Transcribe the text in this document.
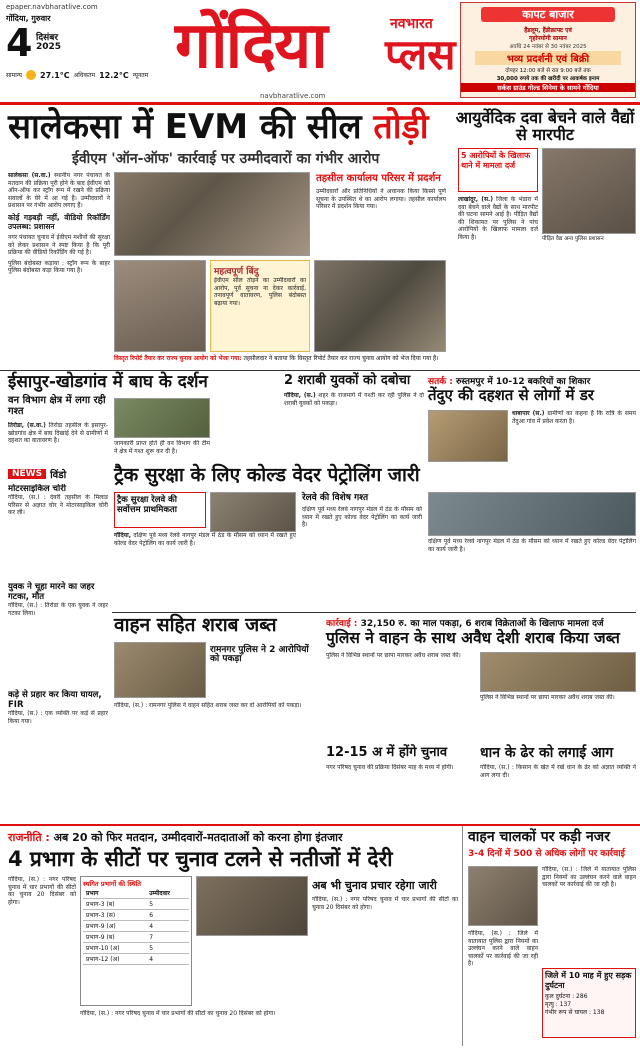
epaper.navbharatlive.com
गोंदिया, गुरुवार
4 दिसंबर
2025
सामान्य 27.1°C अधिकतम 12.2°C न्यूनतम गोंदिया	नवभारत
प्लस
navbharatlive.com
कापट बाजार
हैंडलूम, हैंडीक्राफ्ट एवं
गृहोपयोगी सामान
अवधि 24 नवंबर से 30 नवंबर 2025
भव्य प्रदर्शनी एवं बिक्री
दोपहर 12:00 बजे से रात 9:00 बजे तक
30,000 रुपये तक की खरीदी पर आकर्षक इनाम
सर्कस ग्राउंड गोल्ड सिनेमा के सामने गोंदिया
सालेकसा में EVM की सील तोड़ी
ईवीएम 'ऑन-ऑफ' कार्रवाई पर उम्मीदवारों का गंभीर आरोप
सालेकसा (स.वा.) स्थानीय नगर पंचायत के मतदान की प्रक्रिया पूरी होने के बाद ईवीएम को ऑन-ऑफ कर स्ट्रॉग रूम में रखने की प्रक्रिया सवालों के घेरे में आ गई है। उम्मीदवारों ने प्रशासन पर गंभीर आरोप लगाए हैं।
कोई गड़बड़ी नहीं, वीडियो रिकॉर्डिंग उपलब्ध: प्रशासन
नगर पंचायत चुनाव में ईवीएम मशीनों की सुरक्षा को लेकर प्रशासन ने स्पष्ट किया है कि पूरी प्रक्रिया की वीडियो रिकॉर्डिंग की गई है।
पुलिस बंदोबस्त कड़ाया : स्ट्रॉग रूम के बाहर पुलिस बंदोबस्त कड़ा किया गया है।
तहसील कार्यालय परिसर में प्रदर्शन
उम्मीदवारों और प्रतिनिधियों ने अचानक किया किस्से पूर्ण सूचना के उपस्थित थे का आरोप लगाया। तहसील कार्यालय परिसर में प्रदर्शन किया गया।
महत्वपूर्ण बिंदु
ईवीएम सील तोड़ने का उम्मीदवारों का आरोप, पूर्व सूचना ना देकर कार्रवाई, तनावपूर्ण वातावरण, पुलिस बंदोबस्त बढ़ाया गया।
विस्तृत रिपोर्ट तैयार कर राज्य चुनाव आयोग को भेजा गया: तहसीलदार ने बताया कि विस्तृत रिपोर्ट तैयार कर राज्य चुनाव आयोग को भेज दिया गया है।
आयुर्वेदिक दवा बेचने वाले वैद्यों से मारपीट
5 आरोपियों के खिलाफ थाने में मामला दर्ज
लाखांदूर, (स.) जिला के भंडारा में दवा बेचने वाले वैद्यों के साथ मारपीट की घटना सामने आई है। पीड़ित वैद्यों की शिकायत पर पुलिस ने पांच आरोपियों के खिलाफ मामला दर्ज किया है।	पीड़ित वैद्य अन्य पुलिस प्रशासन
ईसापुर-खोडगांव में बाघ के दर्शन
वन विभाग क्षेत्र में लगा रही गश्त
तिरोडा, (स.वा.) तिरोडा तहसील के इसापुर-खोडगांव क्षेत्र में बाघ दिखाई देने से ग्रामीणों में दहशत का वातावरण है।	जानकारी प्राप्त होते ही वन विभाग की टीम ने क्षेत्र में गश्त शुरू कर दी है।
2 शराबी युवकों को दबोचा
गोंदिया, (स.) शहर के राजमार्ग में गश्ती कर रही पुलिस ने दो शराबी युवकों को पकड़ा।
सतर्क : रुस्तमपुर में 10-12 बकरियों का शिकार
तेंदुए की दहशत से लोगों में डर
धाबापार (स.) ग्रामीणों का कहना है कि रात्रि के समय तेंदुआ गांव में प्रवेश करता है।
NEWS विंडो
मोटरसाइकिल चोरी
गोंदिया, (स.) : देवरी तहसील के मिलाड परिसर से अज्ञात चोर ने मोटरसाइकिल चोरी कर ली।
युवक ने चूहा मारने का जहर गटका, मौत
गोंदिया, (स.) : तिरोडा के एक युवक ने जहर गटका लिया।
कड़े से प्रहार कर किया घायल, FIR
गोंदिया, (स.) : एक व्यक्ति पर कड़े से प्रहार किया गया।
ट्रैक सुरक्षा के लिए कोल्ड वेदर पेट्रोलिंग जारी
ट्रैक सुरक्षा रेलवे की सर्वोत्तम प्राथमिकता
रेलवे की विशेष गश्त
गोंदिया, दक्षिण पूर्व मध्य रेलवे नागपुर मंडल में ठंड के मौसम को ध्यान में रखते हुए कोल्ड वेदर पेट्रोलिंग का कार्य जारी है।
दक्षिण पूर्व मध्य रेलवे नागपुर मंडल में ठंड के मौसम को ध्यान में रखते हुए कोल्ड वेदर पेट्रोलिंग का कार्य जारी है।
दक्षिण पूर्व मध्य रेलवे नागपुर मंडल में ठंड के मौसम को ध्यान में रखते हुए कोल्ड वेदर पेट्रोलिंग का कार्य जारी है।
वाहन सहित शराब जब्त
रामनगर पुलिस ने 2 आरोपियों को पकड़ा
गोंदिया, (स.) : रामनगर पुलिस ने वाहन सहित शराब जब्त कर दो आरोपियों को पकड़ा।
कार्रवाई : 32,150 रु. का माल पकड़ा, 6 शराब विक्रेताओं के खिलाफ मामला दर्ज
पुलिस ने वाहन के साथ अवैध देशी शराब किया जब्त
पुलिस ने विभिन्न स्थानों पर छापा मारकर अवैध शराब जब्त की।
पुलिस ने विभिन्न स्थानों पर छापा मारकर अवैध शराब जब्त की।
12-15 अ में होंगे चुनाव
नगर परिषद चुनाव की प्रक्रिया दिसंबर माह के मध्य में होगी।
धान के ढेर को लगाई आग
गोंदिया, (स.) : किसान के खेत में रखे धान के ढेर को अज्ञात व्यक्ति ने आग लगा दी।
राजनीति : अब 20 को फिर मतदान, उम्मीदवारों-मतदाताओं को करना होगा इंतजार
4 प्रभाग के सीटों पर चुनाव टलने से नतीजों में देरी
गोंदिया, (स.) : नगर परिषद चुनाव में चार प्रभागों की सीटों का चुनाव 20 दिसंबर को होगा।
स्थगित प्रभागों की स्थिति
प्रभाग	उम्मीदवार
प्रभाग-3 (ब)	5
प्रभाग-3 (स)	6
प्रभाग-9 (अ)	4
प्रभाग-9 (ब)	7
प्रभाग-10 (अ)	5
प्रभाग-12 (अ)	4
अब भी चुनाव प्रचार रहेगा जारी
गोंदिया, (स.) : नगर परिषद चुनाव में चार प्रभागों की सीटों का चुनाव 20 दिसंबर को होगा।
गोंदिया, (स.) : नगर परिषद चुनाव में चार प्रभागों की सीटों का चुनाव 20 दिसंबर को होगा।
वाहन चालकों पर कड़ी नजर
3-4 दिनों में 500 से अधिक लोगों पर कार्रवाई
गोंदिया, (स.) : जिले में यातायात पुलिस द्वारा नियमों का उल्लंघन करने वाले वाहन चालकों पर कार्रवाई की जा रही है।
गोंदिया, (स.) : जिले में यातायात पुलिस द्वारा नियमों का उल्लंघन करने वाले वाहन चालकों पर कार्रवाई की जा रही है।
जिले में 10 माह में हुए सड़क दुर्घटना
कुल दुर्घटना : 286
मृत्यु : 137
गंभीर रूप से घायल : 138
